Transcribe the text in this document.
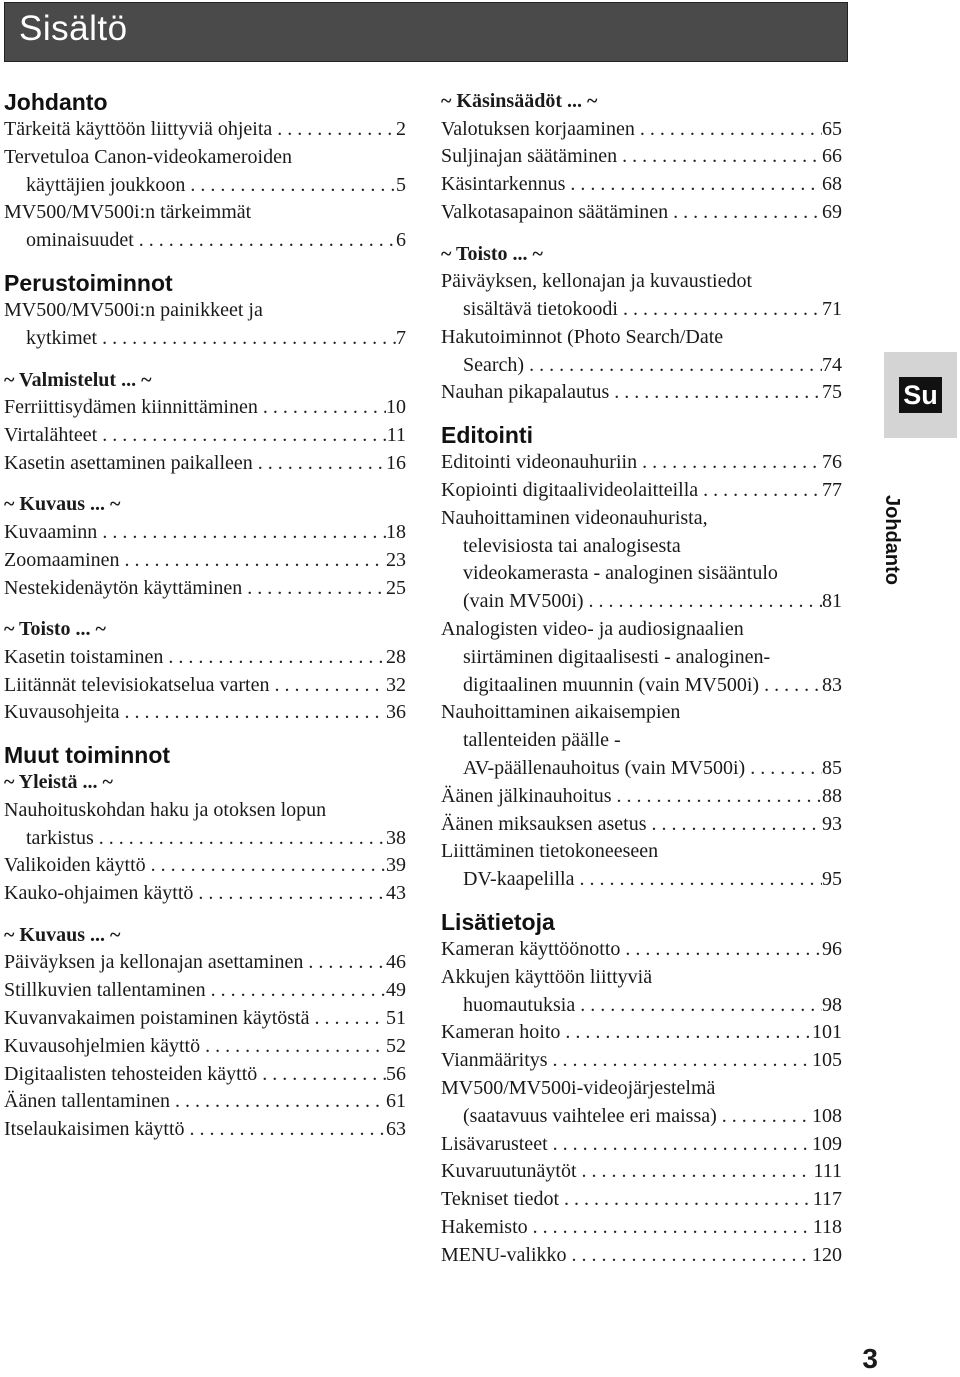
Sisältö
Johdanto
Tärkeitä käyttöön liittyviä ohjeita . . .	2
Tervetuloa Canon-videokameroiden
käyttäjien joukkoon . . .	5
MV500/MV500i:n tärkeimmät
ominaisuudet . . .	6
Perustoiminnot
MV500/MV500i:n painikkeet ja
kytkimet . . .	7
~ Valmistelut ... ~
Ferriittisydämen kiinnittäminen . . .	10
Virtalähteet . . .	11
Kasetin asettaminen paikalleen . . .	16
~ Kuvaus ... ~
Kuvaaminn . . .	18
Zoomaaminen . . .	23
Nestekidenäytön käyttäminen . . .	25
~ Toisto ... ~
Kasetin toistaminen . . .	28
Liitännät televisiokatselua varten . . .	32
Kuvausohjeita . . .	36
Muut toiminnot
~ Yleistä ... ~
Nauhoituskohdan haku ja otoksen lopun
tarkistus . . .	38
Valikoiden käyttö . . .	39
Kauko-ohjaimen käyttö . . .	43
~ Kuvaus ... ~
Päiväyksen ja kellonajan asettaminen . . .	46
Stillkuvien tallentaminen . . .	49
Kuvanvakaimen poistaminen käytöstä . . .	51
Kuvausohjelmien käyttö . . .	52
Digitaalisten tehosteiden käyttö . . .	56
Äänen tallentaminen . . .	61
Itselaukaisimen käyttö . . .	63
~ Käsinsäädöt ... ~
Valotuksen korjaaminen . . .	65
Suljinajan säätäminen . . .	66
Käsintarkennus . . .	68
Valkotasapainon säätäminen . . .	69
~ Toisto ... ~
Päiväyksen, kellonajan ja kuvaustiedot
sisältävä tietokoodi . . .	71
Hakutoiminnot (Photo Search/Date
Search) . . .	74
Nauhan pikapalautus . . .	75
Editointi
Editointi videonauhuriin . . .	76
Kopiointi digitaalivideolaitteilla . . .	77
Nauhoittaminen videonauhurista,
televisiosta tai analogisesta
videokamerasta - analoginen sisääntulo
(vain MV500i) . . .	81
Analogisten video- ja audiosignaalien
siirtäminen digitaalisesti - analoginen-
digitaalinen muunnin (vain MV500i) . . .	83
Nauhoittaminen aikaisempien
tallenteiden päälle -
AV-päällenauhoitus (vain MV500i) . . .	85
Äänen jälkinauhoitus . . .	88
Äänen miksauksen asetus . . .	93
Liittäminen tietokoneeseen
DV-kaapelilla . . .	95
Lisätietoja
Kameran käyttöönotto . . .	96
Akkujen käyttöön liittyviä
huomautuksia . . .	98
Kameran hoito . . .	101
Vianmääritys . . .	105
MV500/MV500i-videojärjestelmä
(saatavuus vaihtelee eri maissa) . . .	108
Lisävarusteet . . .	109
Kuvaruutunäytöt . . .	111
Tekniset tiedot . . .	117
Hakemisto . . .	118
MENU-valikko . . .	120
Su
Johdanto
3
